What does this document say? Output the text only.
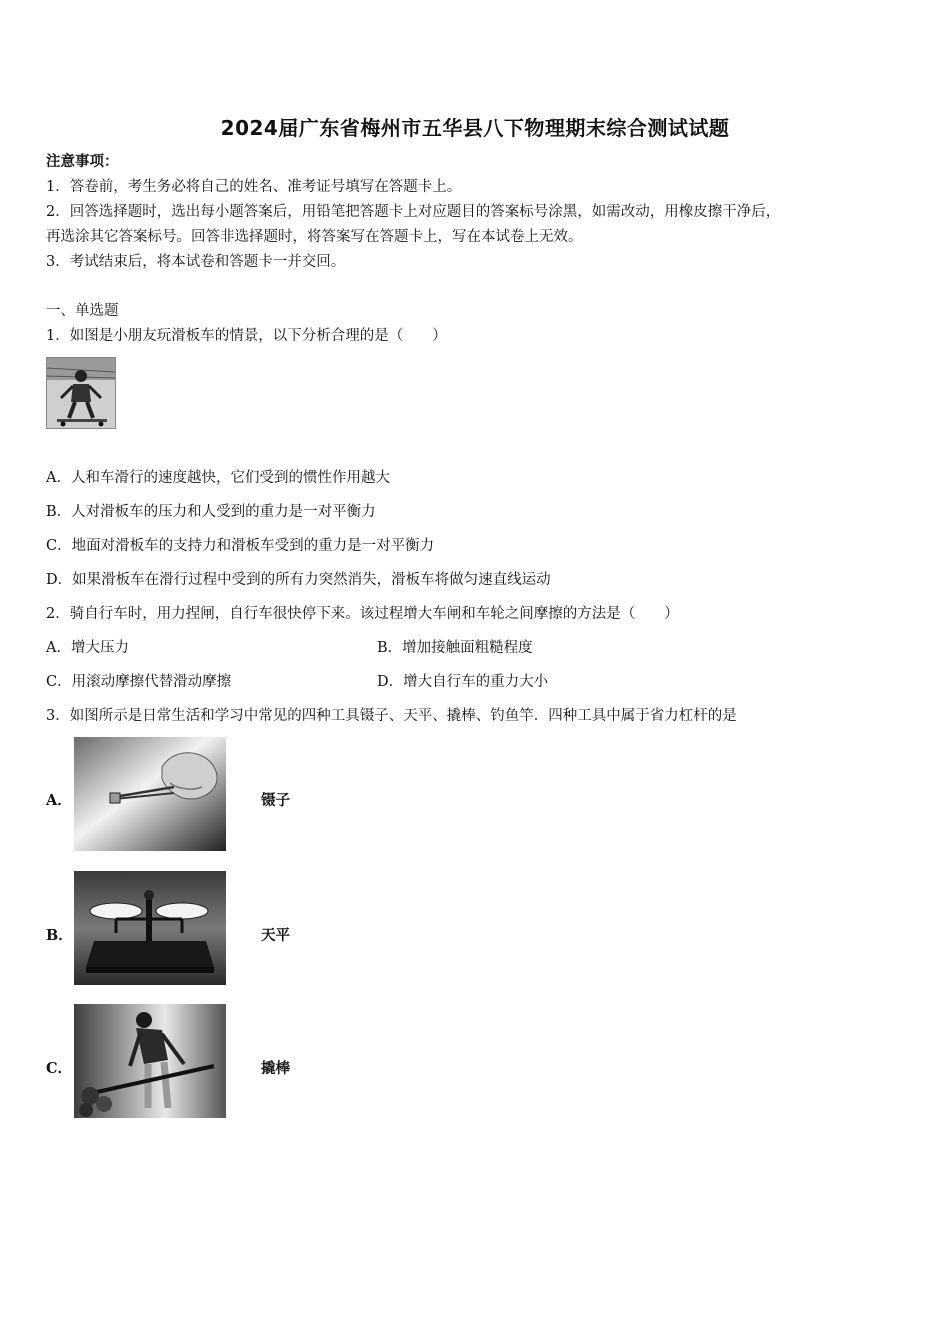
2024届广东省梅州市五华县八下物理期末综合测试试题
注意事项：
1．答卷前，考生务必将自己的姓名、准考证号填写在答题卡上。
2．回答选择题时，选出每小题答案后，用铅笔把答题卡上对应题目的答案标号涂黑，如需改动，用橡皮擦干净后，
再选涂其它答案标号。回答非选择题时，将答案写在答题卡上，写在本试卷上无效。
3．考试结束后，将本试卷和答题卡一并交回。
一、单选题
1．如图是小朋友玩滑板车的情景，以下分析合理的是（　　）
A．人和车滑行的速度越快，它们受到的惯性作用越大
B．人对滑板车的压力和人受到的重力是一对平衡力
C．地面对滑板车的支持力和滑板车受到的重力是一对平衡力
D．如果滑板车在滑行过程中受到的所有力突然消失，滑板车将做匀速直线运动
2．骑自行车时，用力捏闸，自行车很快停下来。该过程增大车闸和车轮之间摩擦的方法是（　　）
A．增大压力	B．增加接触面粗糙程度
C．用滚动摩擦代替滑动摩擦	D．增大自行车的重力大小
3．如图所示是日常生活和学习中常见的四种工具镊子、天平、撬棒、钓鱼竿．四种工具中属于省力杠杆的是
A．	镊子
B．	天平
C．	撬棒
